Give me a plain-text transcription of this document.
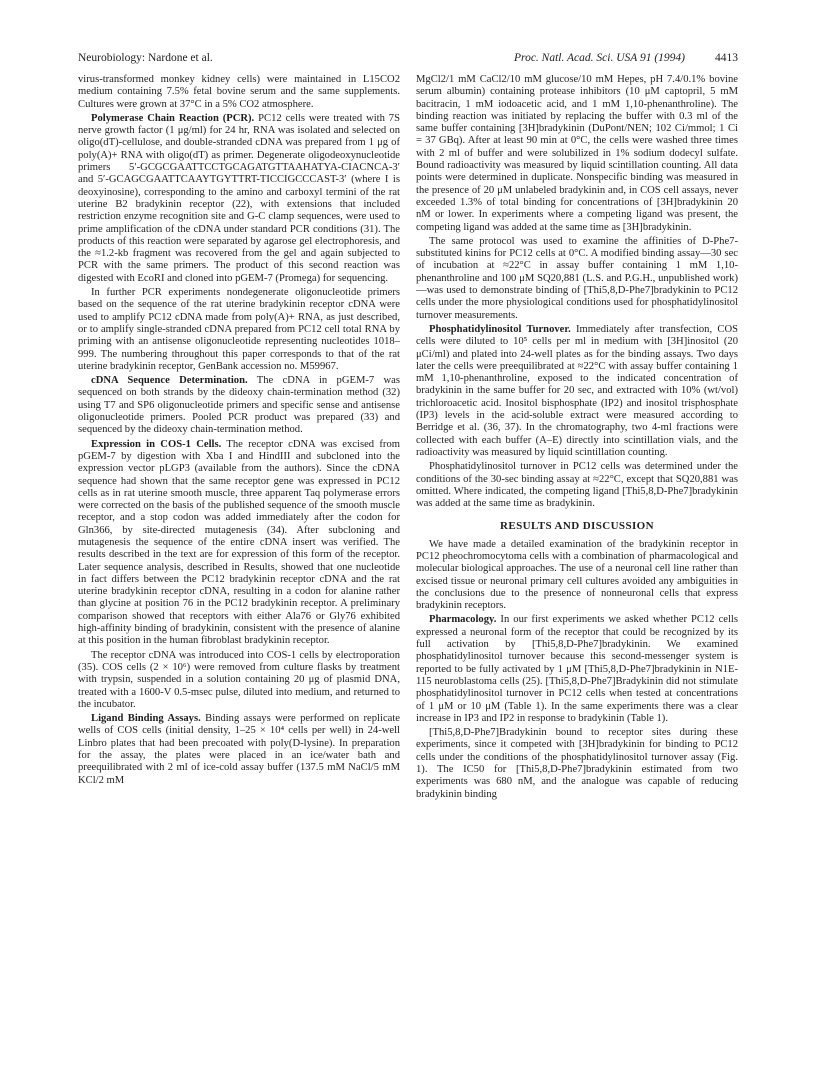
Neurobiology: Nardone et al.	Proc. Natl. Acad. Sci. USA 91 (1994)	4413

virus-transformed monkey kidney cells) were maintained in L15CO2 medium containing 7.5% fetal bovine serum and the same supplements. Cultures were grown at 37°C in a 5% CO2 atmosphere.

Polymerase Chain Reaction (PCR). PC12 cells were treated with 7S nerve growth factor (1 μg/ml) for 24 hr, RNA was isolated and selected on oligo(dT)-cellulose, and double-stranded cDNA was prepared from 1 μg of poly(A)+ RNA with oligo(dT) as primer. Degenerate oligodeoxynucleotide primers 5′-GCGCGAATTCCTGCAGATGTTAAHATYA-CIACNCA-3′ and 5′-GCAGCGAATTCAAYTGYTTRT-TICCIGCCCAST-3′ (where I is deoxyinosine), corresponding to the amino and carboxyl termini of the rat uterine B2 bradykinin receptor (22), with extensions that included restriction enzyme recognition site and G-C clamp sequences, were used to prime amplification of the cDNA under standard PCR conditions (31). The products of this reaction were separated by agarose gel electrophoresis, and the ≈1.2-kb fragment was recovered from the gel and again subjected to PCR with the same primers. The product of this second reaction was digested with EcoRI and cloned into pGEM-7 (Promega) for sequencing.

In further PCR experiments nondegenerate oligonucleotide primers based on the sequence of the rat uterine bradykinin receptor cDNA were used to amplify PC12 cDNA made from poly(A)+ RNA, as just described, or to amplify single-stranded cDNA prepared from PC12 cell total RNA by priming with an antisense oligonucleotide representing nucleotides 1018–999. The numbering throughout this paper corresponds to that of the rat uterine bradykinin receptor, GenBank accession no. M59967.

cDNA Sequence Determination. The cDNA in pGEM-7 was sequenced on both strands by the dideoxy chain-termination method (32) using T7 and SP6 oligonucleotide primers and specific sense and antisense oligonucleotide primers. Pooled PCR product was prepared (33) and sequenced by the dideoxy chain-termination method.

Expression in COS-1 Cells. The receptor cDNA was excised from pGEM-7 by digestion with Xba I and HindIII and subcloned into the expression vector pLGP3 (available from the authors). Since the cDNA sequence had shown that the same receptor gene was expressed in PC12 cells as in rat uterine smooth muscle, three apparent Taq polymerase errors were corrected on the basis of the published sequence of the smooth muscle receptor, and a stop codon was added immediately after the codon for Gln366, by site-directed mutagenesis (34). After subcloning and mutagenesis the sequence of the entire cDNA insert was verified. The results described in the text are for expression of this form of the receptor. Later sequence analysis, described in Results, showed that one nucleotide in fact differs between the PC12 bradykinin receptor cDNA and the rat uterine bradykinin receptor cDNA, resulting in a codon for alanine rather than glycine at position 76 in the PC12 bradykinin receptor. A preliminary comparison showed that receptors with either Ala76 or Gly76 exhibited high-affinity binding of bradykinin, consistent with the presence of alanine at this position in the human fibroblast bradykinin receptor.

The receptor cDNA was introduced into COS-1 cells by electroporation (35). COS cells (2 × 10⁶) were removed from culture flasks by treatment with trypsin, suspended in a solution containing 20 μg of plasmid DNA, treated with a 1600-V 0.5-msec pulse, diluted into medium, and returned to the incubator.

Ligand Binding Assays. Binding assays were performed on replicate wells of COS cells (initial density, 1–25 × 10⁴ cells per well) in 24-well Linbro plates that had been precoated with poly(D-lysine). In preparation for the assay, the plates were placed in an ice/water bath and preequilibrated with 2 ml of ice-cold assay buffer (137.5 mM NaCl/5 mM KCl/2 mM

MgCl2/1 mM CaCl2/10 mM glucose/10 mM Hepes, pH 7.4/0.1% bovine serum albumin) containing protease inhibitors (10 μM captopril, 5 mM bacitracin, 1 mM iodoacetic acid, and 1 mM 1,10-phenanthroline). The binding reaction was initiated by replacing the buffer with 0.3 ml of the same buffer containing [3H]bradykinin (DuPont/NEN; 102 Ci/mmol; 1 Ci = 37 GBq). After at least 90 min at 0°C, the cells were washed three times with 2 ml of buffer and were solubilized in 1% sodium dodecyl sulfate. Bound radioactivity was measured by liquid scintillation counting. All data points were determined in duplicate. Nonspecific binding was measured in the presence of 20 μM unlabeled bradykinin and, in COS cell assays, never exceeded 1.3% of total binding for concentrations of [3H]bradykinin 20 nM or lower. In experiments where a competing ligand was present, the competing ligand was added at the same time as [3H]bradykinin.

The same protocol was used to examine the affinities of D-Phe7-substituted kinins for PC12 cells at 0°C. A modified binding assay—30 sec of incubation at ≈22°C in assay buffer containing 1 mM 1,10-phenanthroline and 100 μM SQ20,881 (L.S. and P.G.H., unpublished work)—was used to demonstrate binding of [Thi5,8,D-Phe7]bradykinin to PC12 cells under the more physiological conditions used for phosphatidylinositol turnover measurements.

Phosphatidylinositol Turnover. Immediately after transfection, COS cells were diluted to 10⁵ cells per ml in medium with [3H]inositol (20 μCi/ml) and plated into 24-well plates as for the binding assays. Two days later the cells were preequilibrated at ≈22°C with assay buffer containing 1 mM 1,10-phenanthroline, exposed to the indicated concentration of bradykinin in the same buffer for 20 sec, and extracted with 10% (wt/vol) trichloroacetic acid. Inositol bisphosphate (IP2) and inositol trisphosphate (IP3) levels in the acid-soluble extract were measured according to Berridge et al. (36, 37). In the chromatography, two 4-ml fractions were collected with each buffer (A–E) directly into scintillation vials, and the radioactivity was measured by liquid scintillation counting.

Phosphatidylinositol turnover in PC12 cells was determined under the conditions of the 30-sec binding assay at ≈22°C, except that SQ20,881 was omitted. Where indicated, the competing ligand [Thi5,8,D-Phe7]bradykinin was added at the same time as bradykinin.

RESULTS AND DISCUSSION

We have made a detailed examination of the bradykinin receptor in PC12 pheochromocytoma cells with a combination of pharmacological and molecular biological approaches. The use of a neuronal cell line rather than excised tissue or neuronal primary cell cultures avoided any ambiguities in the conclusions due to the presence of nonneuronal cells that express bradykinin receptors.

Pharmacology. In our first experiments we asked whether PC12 cells expressed a neuronal form of the receptor that could be recognized by its full activation by [Thi5,8,D-Phe7]bradykinin. We examined phosphatidylinositol turnover because this second-messenger system is reported to be fully activated by 1 μM [Thi5,8,D-Phe7]bradykinin in N1E-115 neuroblastoma cells (25). [Thi5,8,D-Phe7]Bradykinin did not stimulate phosphatidylinositol turnover in PC12 cells when tested at concentrations of 1 μM or 10 μM (Table 1). In the same experiments there was a clear increase in IP3 and IP2 in response to bradykinin (Table 1).

[Thi5,8,D-Phe7]Bradykinin bound to receptor sites during these experiments, since it competed with [3H]bradykinin for binding to PC12 cells under the conditions of the phosphatidylinositol turnover assay (Fig. 1). The IC50 for [Thi5,8,D-Phe7]bradykinin estimated from two experiments was 680 nM, and the analogue was capable of reducing bradykinin binding
